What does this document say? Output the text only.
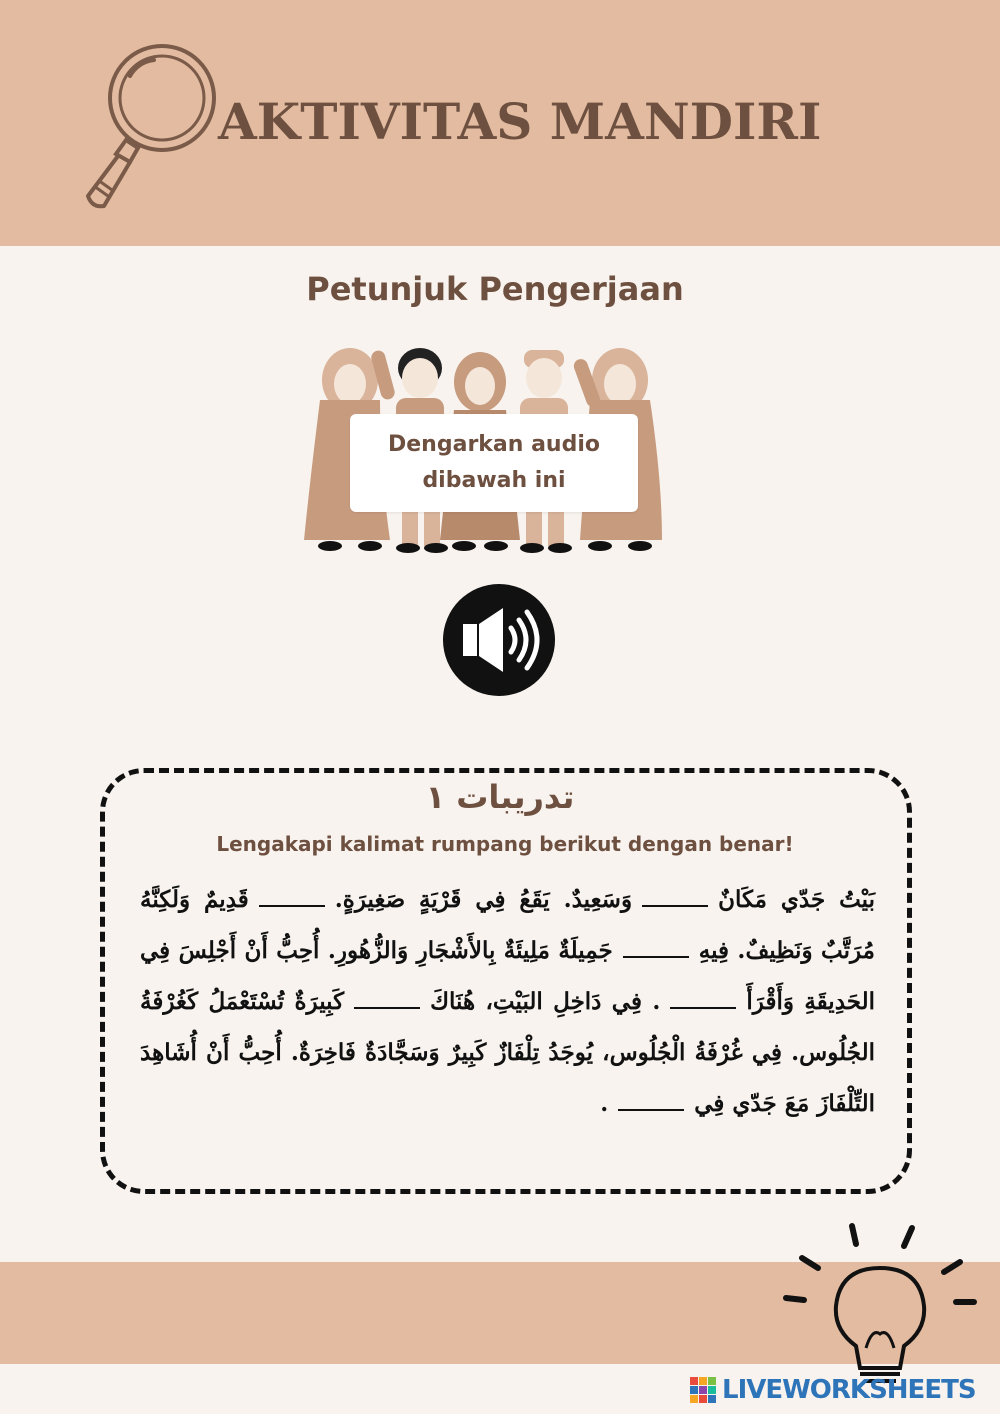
AKTIVITAS MANDIRI
Petunjuk Pengerjaan
Dengarkan audio
dibawah ini
تدريبات ١
Lengakapi kalimat rumpang berikut dengan benar!
بَيْتُ جَدّي مَكَانٌوَسَعِيدٌ. يَقَعُ فِي قَرْيَةٍ صَغِيرَةٍ.قَدِيمٌ وَلَكِنَّهُ مُرَتَّبٌ وَنَظِيفٌ. فِيهِجَمِيلَةٌ مَلِيئَةٌ بِالأَشْجَارِ وَالزُّهُورِ. أُحِبُّ أَنْ أَجْلِسَ فِي الحَدِيقَةِ وَأَقْرَأَ. فِي دَاخِلِ البَيْتِ، هُنَاكَكَبِيرَةٌ تُسْتَعْمَلُ كَغُرْفَةُ الجُلُوس. فِي غُرْفَةُ الْجُلُوس، يُوجَدُ تِلْفَازٌ كَبِيرٌ وَسَجَّادَةٌ فَاخِرَةٌ. أُحِبُّ أَنْ أُشَاهِدَ التِّلْفَازَ مَعَ جَدّي فِي.
LIVEWORKSHEETS
